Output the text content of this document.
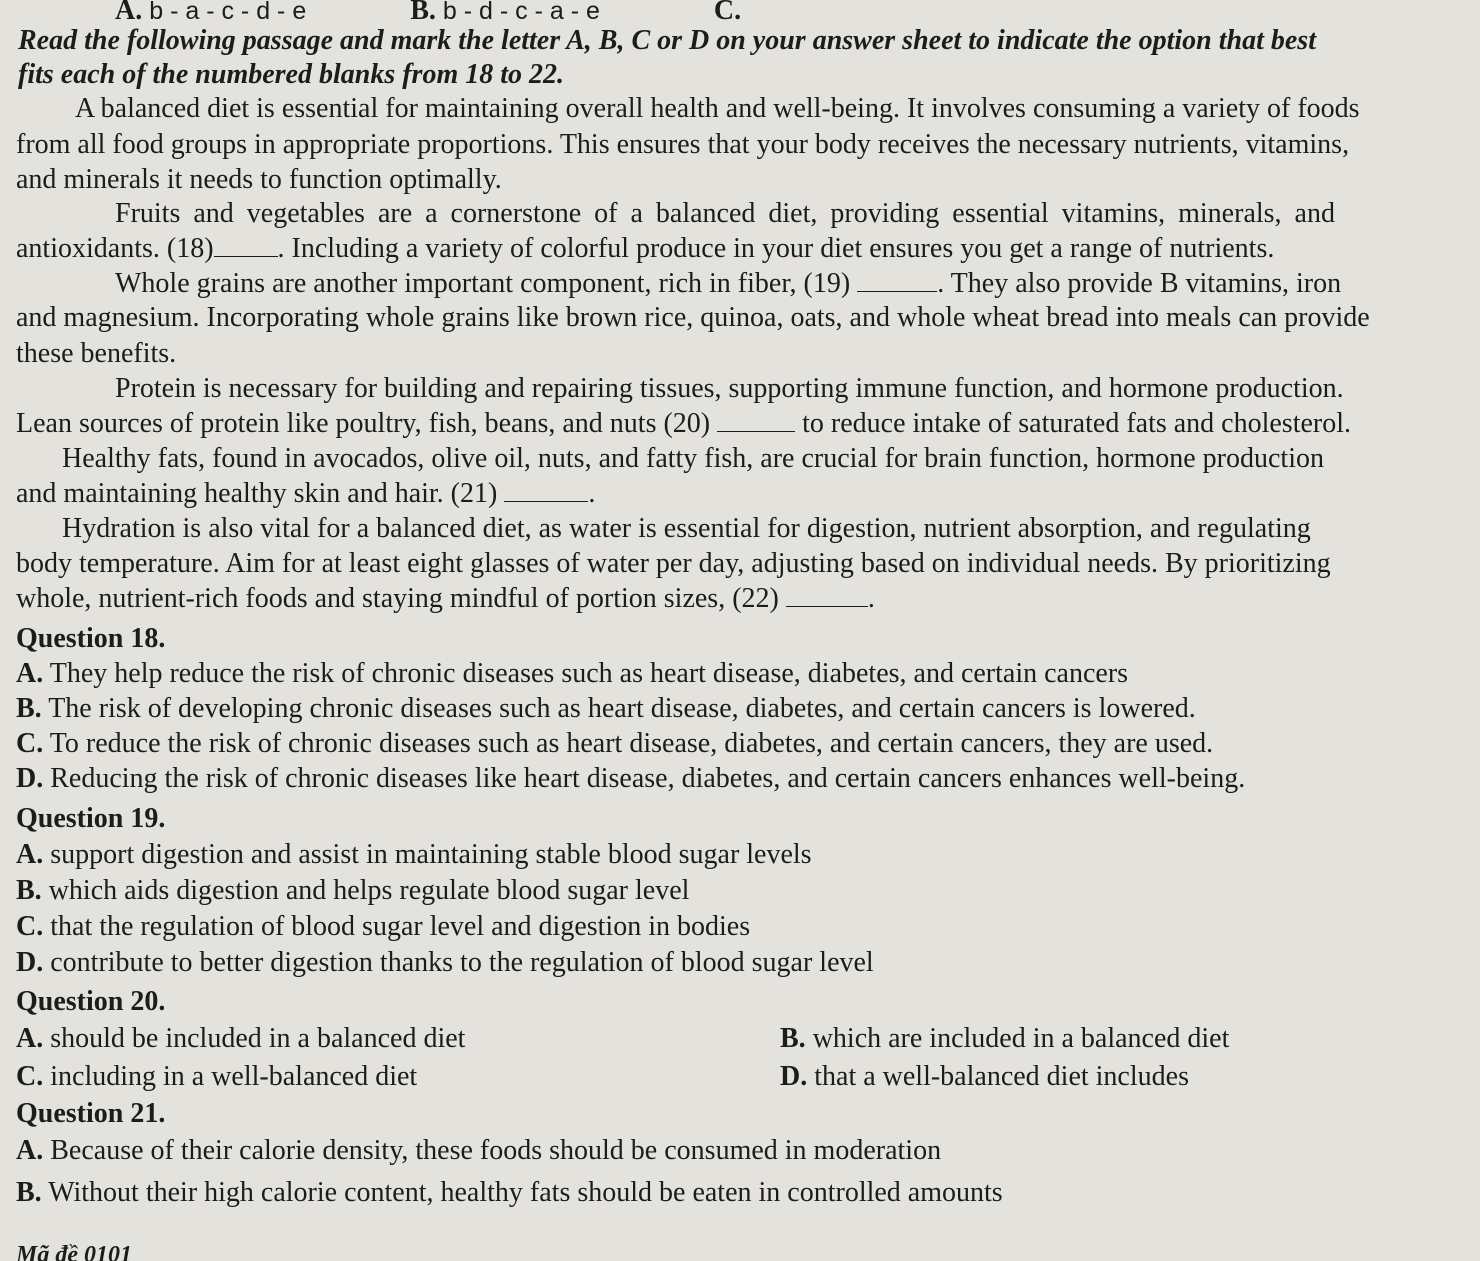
A. b - a - c - d - e	B. b - d - c - a - e	C.
Read the following passage and mark the letter A, B, C or D on your answer sheet to indicate the option that best
fits each of the numbered blanks from 18 to 22.
A balanced diet is essential for maintaining overall health and well-being. It involves consuming a variety of foods
from all food groups in appropriate proportions. This ensures that your body receives the necessary nutrients, vitamins,
and minerals it needs to function optimally.
Fruits and vegetables are a cornerstone of a balanced diet, providing essential vitamins, minerals, and
antioxidants. (18) . Including a variety of colorful produce in your diet ensures you get a range of nutrients.
Whole grains are another important component, rich in fiber, (19)	. They also provide B vitamins, iron
and magnesium. Incorporating whole grains like brown rice, quinoa, oats, and whole wheat bread into meals can provide
these benefits.
Protein is necessary for building and repairing tissues, supporting immune function, and hormone production.
Lean sources of protein like poultry, fish, beans, and nuts (20)	to reduce intake of saturated fats and cholesterol.
Healthy fats, found in avocados, olive oil, nuts, and fatty fish, are crucial for brain function, hormone production
and maintaining healthy skin and hair. (21)	.
Hydration is also vital for a balanced diet, as water is essential for digestion, nutrient absorption, and regulating
body temperature. Aim for at least eight glasses of water per day, adjusting based on individual needs. By prioritizing
whole, nutrient-rich foods and staying mindful of portion sizes, (22)	.
Question 18.
A. They help reduce the risk of chronic diseases such as heart disease, diabetes, and certain cancers
B. The risk of developing chronic diseases such as heart disease, diabetes, and certain cancers is lowered.
C. To reduce the risk of chronic diseases such as heart disease, diabetes, and certain cancers, they are used.
D. Reducing the risk of chronic diseases like heart disease, diabetes, and certain cancers enhances well-being.
Question 19.
A. support digestion and assist in maintaining stable blood sugar levels
B. which aids digestion and helps regulate blood sugar level
C. that the regulation of blood sugar level and digestion in bodies
D. contribute to better digestion thanks to the regulation of blood sugar level
Question 20.
A. should be included in a balanced diet	B. which are included in a balanced diet
C. including in a well-balanced diet	D. that a well-balanced diet includes
Question 21.
A. Because of their calorie density, these foods should be consumed in moderation
B. Without their high calorie content, healthy fats should be eaten in controlled amounts
Mã đề 0101
